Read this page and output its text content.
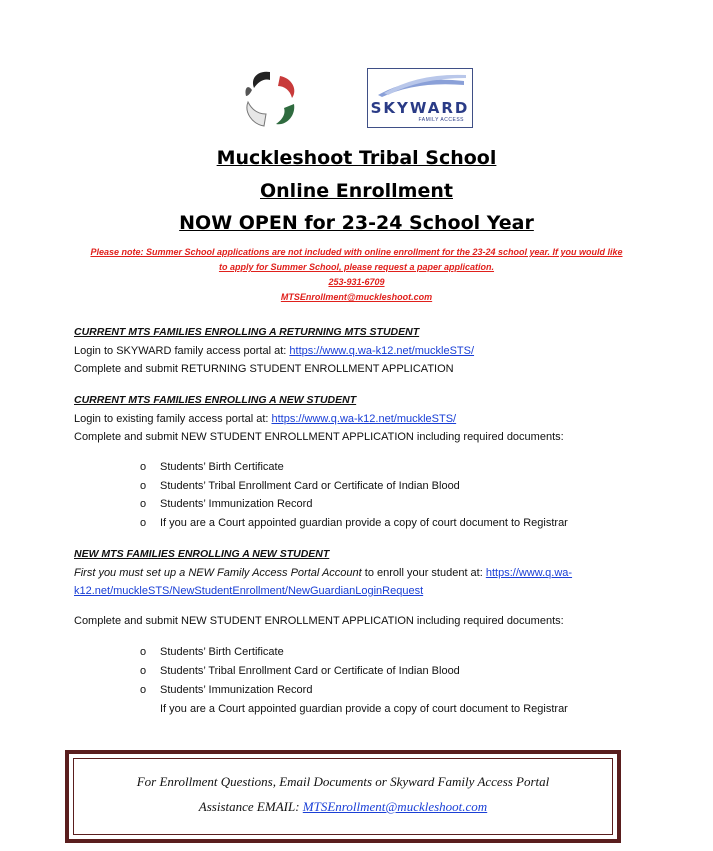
SKYWARD
FAMILY ACCESS
Muckleshoot Tribal School
Online Enrollment
NOW OPEN for 23-24 School Year
Please note: Summer School applications are not included with online enrollment for the 23-24 school year. If you would like
to apply for Summer School, please request a paper application.
253-931-6709
MTSEnrollment@muckleshoot.com
CURRENT MTS FAMILIES ENROLLING A RETURNING MTS STUDENT
Login to SKYWARD family access portal at: https://www.q.wa-k12.net/muckleSTS/
Complete and submit RETURNING STUDENT ENROLLMENT APPLICATION
CURRENT MTS FAMILIES ENROLLING A NEW STUDENT
Login to existing family access portal at: https://www.q.wa-k12.net/muckleSTS/
Complete and submit NEW STUDENT ENROLLMENT APPLICATION including required documents:
o Students’ Birth Certificate
o Students’ Tribal Enrollment Card or Certificate of Indian Blood
o Students’ Immunization Record
o If you are a Court appointed guardian provide a copy of court document to Registrar
NEW MTS FAMILIES ENROLLING A NEW STUDENT
First you must set up a NEW Family Access Portal Account to enroll your student at: https://www.q.wa-
k12.net/muckleSTS/NewStudentEnrollment/NewGuardianLoginRequest
Complete and submit NEW STUDENT ENROLLMENT APPLICATION including required documents:
o Students’ Birth Certificate
o Students’ Tribal Enrollment Card or Certificate of Indian Blood
o Students’ Immunization Record
If you are a Court appointed guardian provide a copy of court document to Registrar
For Enrollment Questions, Email Documents or Skyward Family Access Portal
Assistance EMAIL: MTSEnrollment@muckleshoot.com
